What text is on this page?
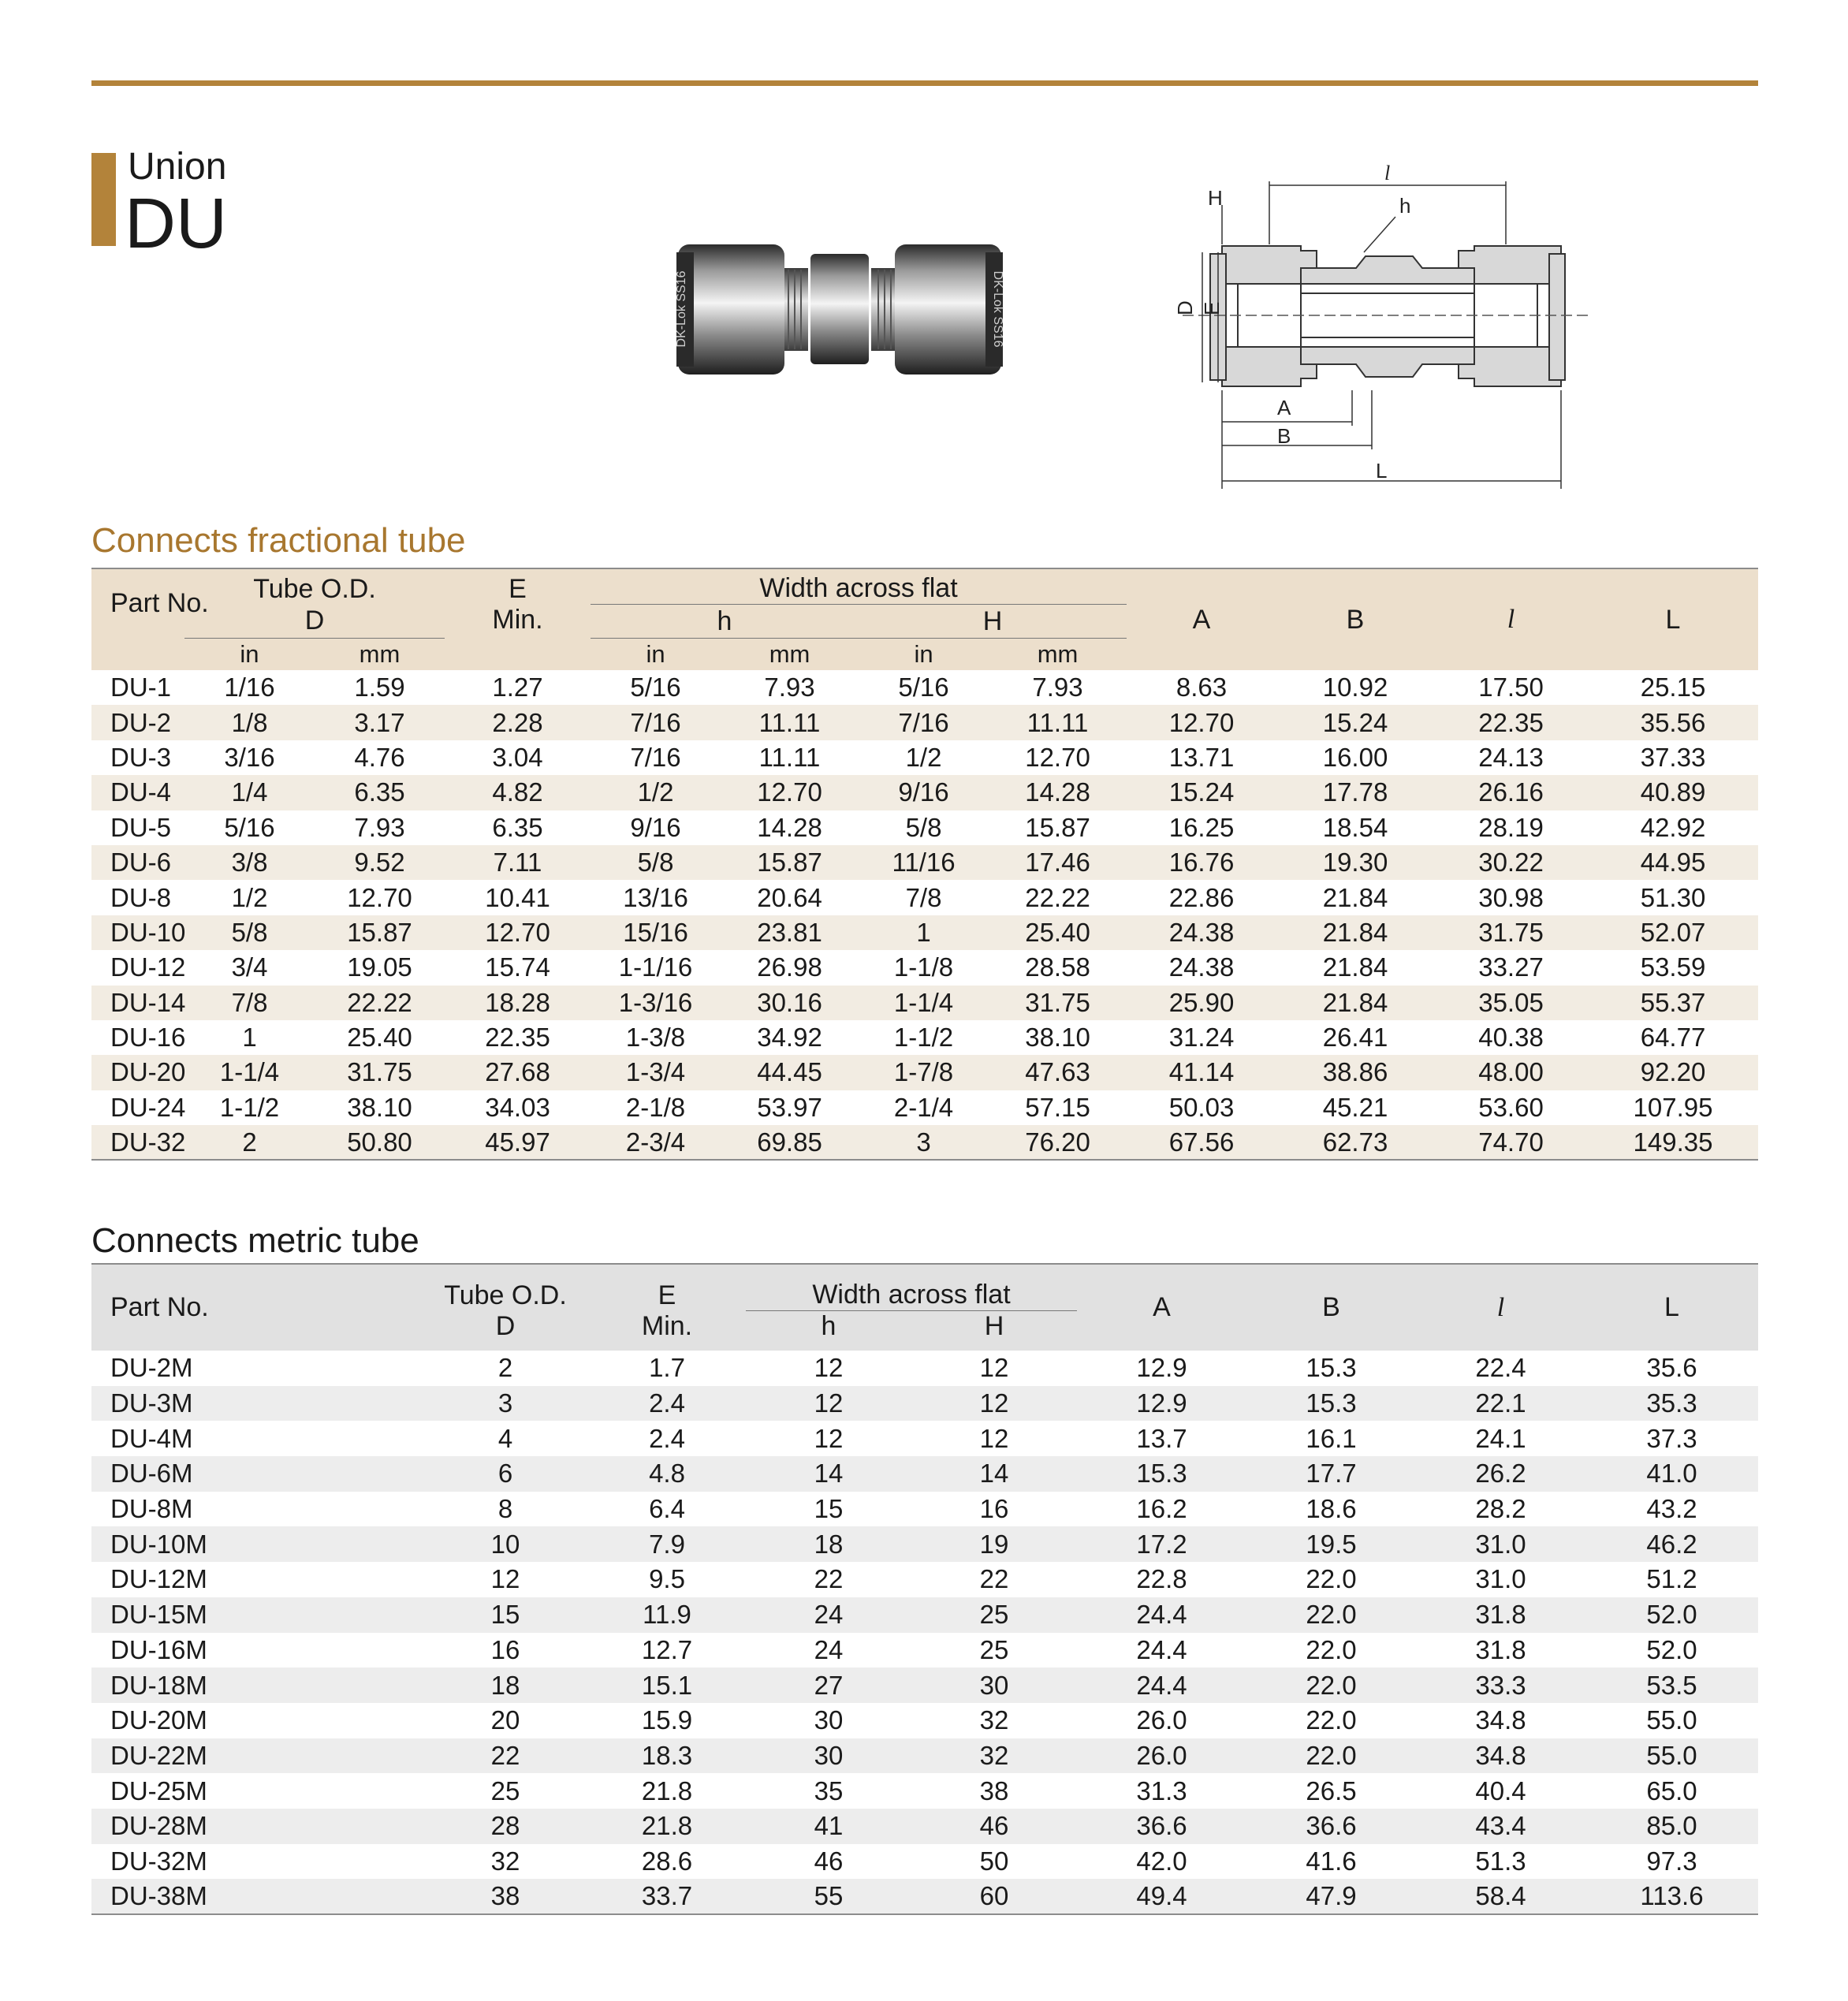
Union
DU
DK-Lok SS16	DK-Lok SS16
H
l
h
D E
A
B
L
Connects fractional tube
Part No.	Tube O.D.		E	Width across flat				A	B	l	L
	D		Min.	h		H					
	in	mm		in	mm	in	mm				
DU-1	1/16	1.59	1.27	5/16	7.93	5/16	7.93	8.63	10.92	17.50	25.15
DU-2	1/8	3.17	2.28	7/16	11.11	7/16	11.11	12.70	15.24	22.35	35.56
DU-3	3/16	4.76	3.04	7/16	11.11	1/2	12.70	13.71	16.00	24.13	37.33
DU-4	1/4	6.35	4.82	1/2	12.70	9/16	14.28	15.24	17.78	26.16	40.89
DU-5	5/16	7.93	6.35	9/16	14.28	5/8	15.87	16.25	18.54	28.19	42.92
DU-6	3/8	9.52	7.11	5/8	15.87	11/16	17.46	16.76	19.30	30.22	44.95
DU-8	1/2	12.70	10.41	13/16	20.64	7/8	22.22	22.86	21.84	30.98	51.30
DU-10	5/8	15.87	12.70	15/16	23.81	1	25.40	24.38	21.84	31.75	52.07
DU-12	3/4	19.05	15.74	1-1/16	26.98	1-1/8	28.58	24.38	21.84	33.27	53.59
DU-14	7/8	22.22	18.28	1-3/16	30.16	1-1/4	31.75	25.90	21.84	35.05	55.37
DU-16	1	25.40	22.35	1-3/8	34.92	1-1/2	38.10	31.24	26.41	40.38	64.77
DU-20	1-1/4	31.75	27.68	1-3/4	44.45	1-7/8	47.63	41.14	38.86	48.00	92.20
DU-24	1-1/2	38.10	34.03	2-1/8	53.97	2-1/4	57.15	50.03	45.21	53.60	107.95
DU-32	2	50.80	45.97	2-3/4	69.85	3	76.20	67.56	62.73	74.70	149.35
Connects metric tube
Part No.	Tube O.D.	E	Width across flat		A	B	l	L
	D	Min.	h	H				
DU-2M	2	1.7	12	12	12.9	15.3	22.4	35.6
DU-3M	3	2.4	12	12	12.9	15.3	22.1	35.3
DU-4M	4	2.4	12	12	13.7	16.1	24.1	37.3
DU-6M	6	4.8	14	14	15.3	17.7	26.2	41.0
DU-8M	8	6.4	15	16	16.2	18.6	28.2	43.2
DU-10M	10	7.9	18	19	17.2	19.5	31.0	46.2
DU-12M	12	9.5	22	22	22.8	22.0	31.0	51.2
DU-15M	15	11.9	24	25	24.4	22.0	31.8	52.0
DU-16M	16	12.7	24	25	24.4	22.0	31.8	52.0
DU-18M	18	15.1	27	30	24.4	22.0	33.3	53.5
DU-20M	20	15.9	30	32	26.0	22.0	34.8	55.0
DU-22M	22	18.3	30	32	26.0	22.0	34.8	55.0
DU-25M	25	21.8	35	38	31.3	26.5	40.4	65.0
DU-28M	28	21.8	41	46	36.6	36.6	43.4	85.0
DU-32M	32	28.6	46	50	42.0	41.6	51.3	97.3
DU-38M	38	33.7	55	60	49.4	47.9	58.4	113.6
